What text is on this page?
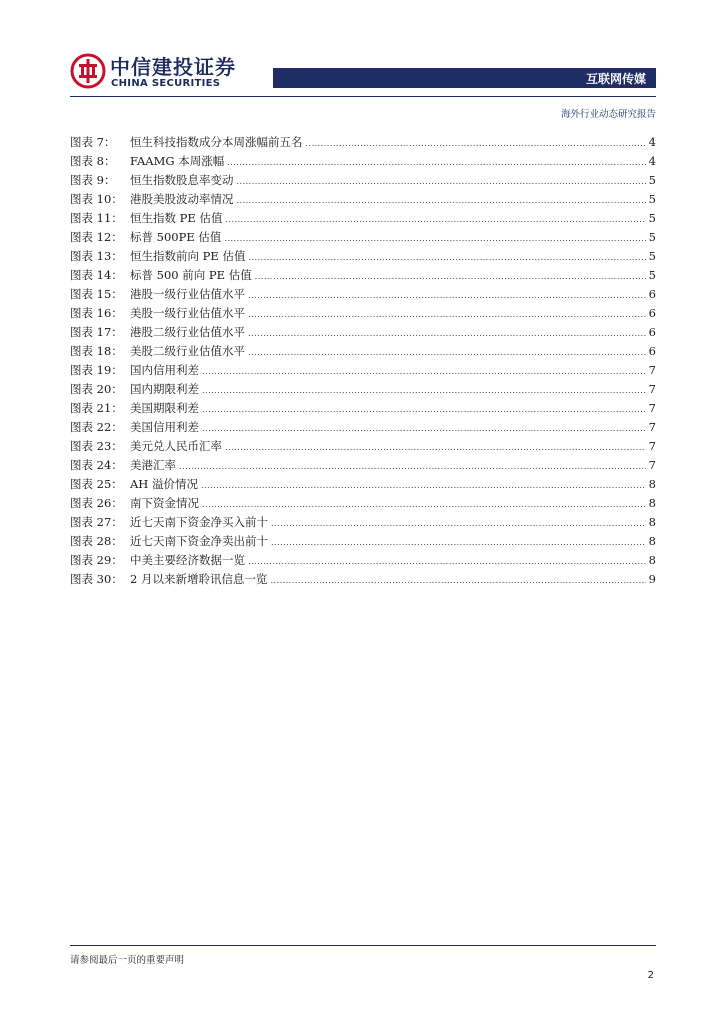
中信建投证券
CHINA SECURITIES	互联网传媒
海外行业动态研究报告
图表 7：	恒生科技指数成分本周涨幅前五名 .....	4
图表 8：	FAAMG 本周涨幅 .....	4
图表 9：	恒生指数股息率变动 .....	5
图表 10： 港股美股波动率情况 .....	5
图表 11： 恒生指数 PE 估值 .....	5
图表 12： 标普 500PE 估值 .....	5
图表 13： 恒生指数前向 PE 估值 .....	5
图表 14： 标普 500 前向 PE 估值 .....	5
图表 15： 港股一级行业估值水平 .....	6
图表 16： 美股一级行业估值水平 .....	6
图表 17： 港股二级行业估值水平 .....	6
图表 18： 美股二级行业估值水平 .....	6
图表 19： 国内信用利差 .....	7
图表 20： 国内期限利差 .....	7
图表 21： 美国期限利差 .....	7
图表 22： 美国信用利差 .....	7
图表 23： 美元兑人民币汇率 .....	7
图表 24： 美港汇率 .....	7
图表 25： AH 溢价情况 .....	8
图表 26： 南下资金情况 .....	8
图表 27： 近七天南下资金净买入前十 .....	8
图表 28： 近七天南下资金净卖出前十 .....	8
图表 29： 中美主要经济数据一览 .....	8
图表 30： 2 月以来新增聆讯信息一览 .....	9
请参阅最后一页的重要声明
2
